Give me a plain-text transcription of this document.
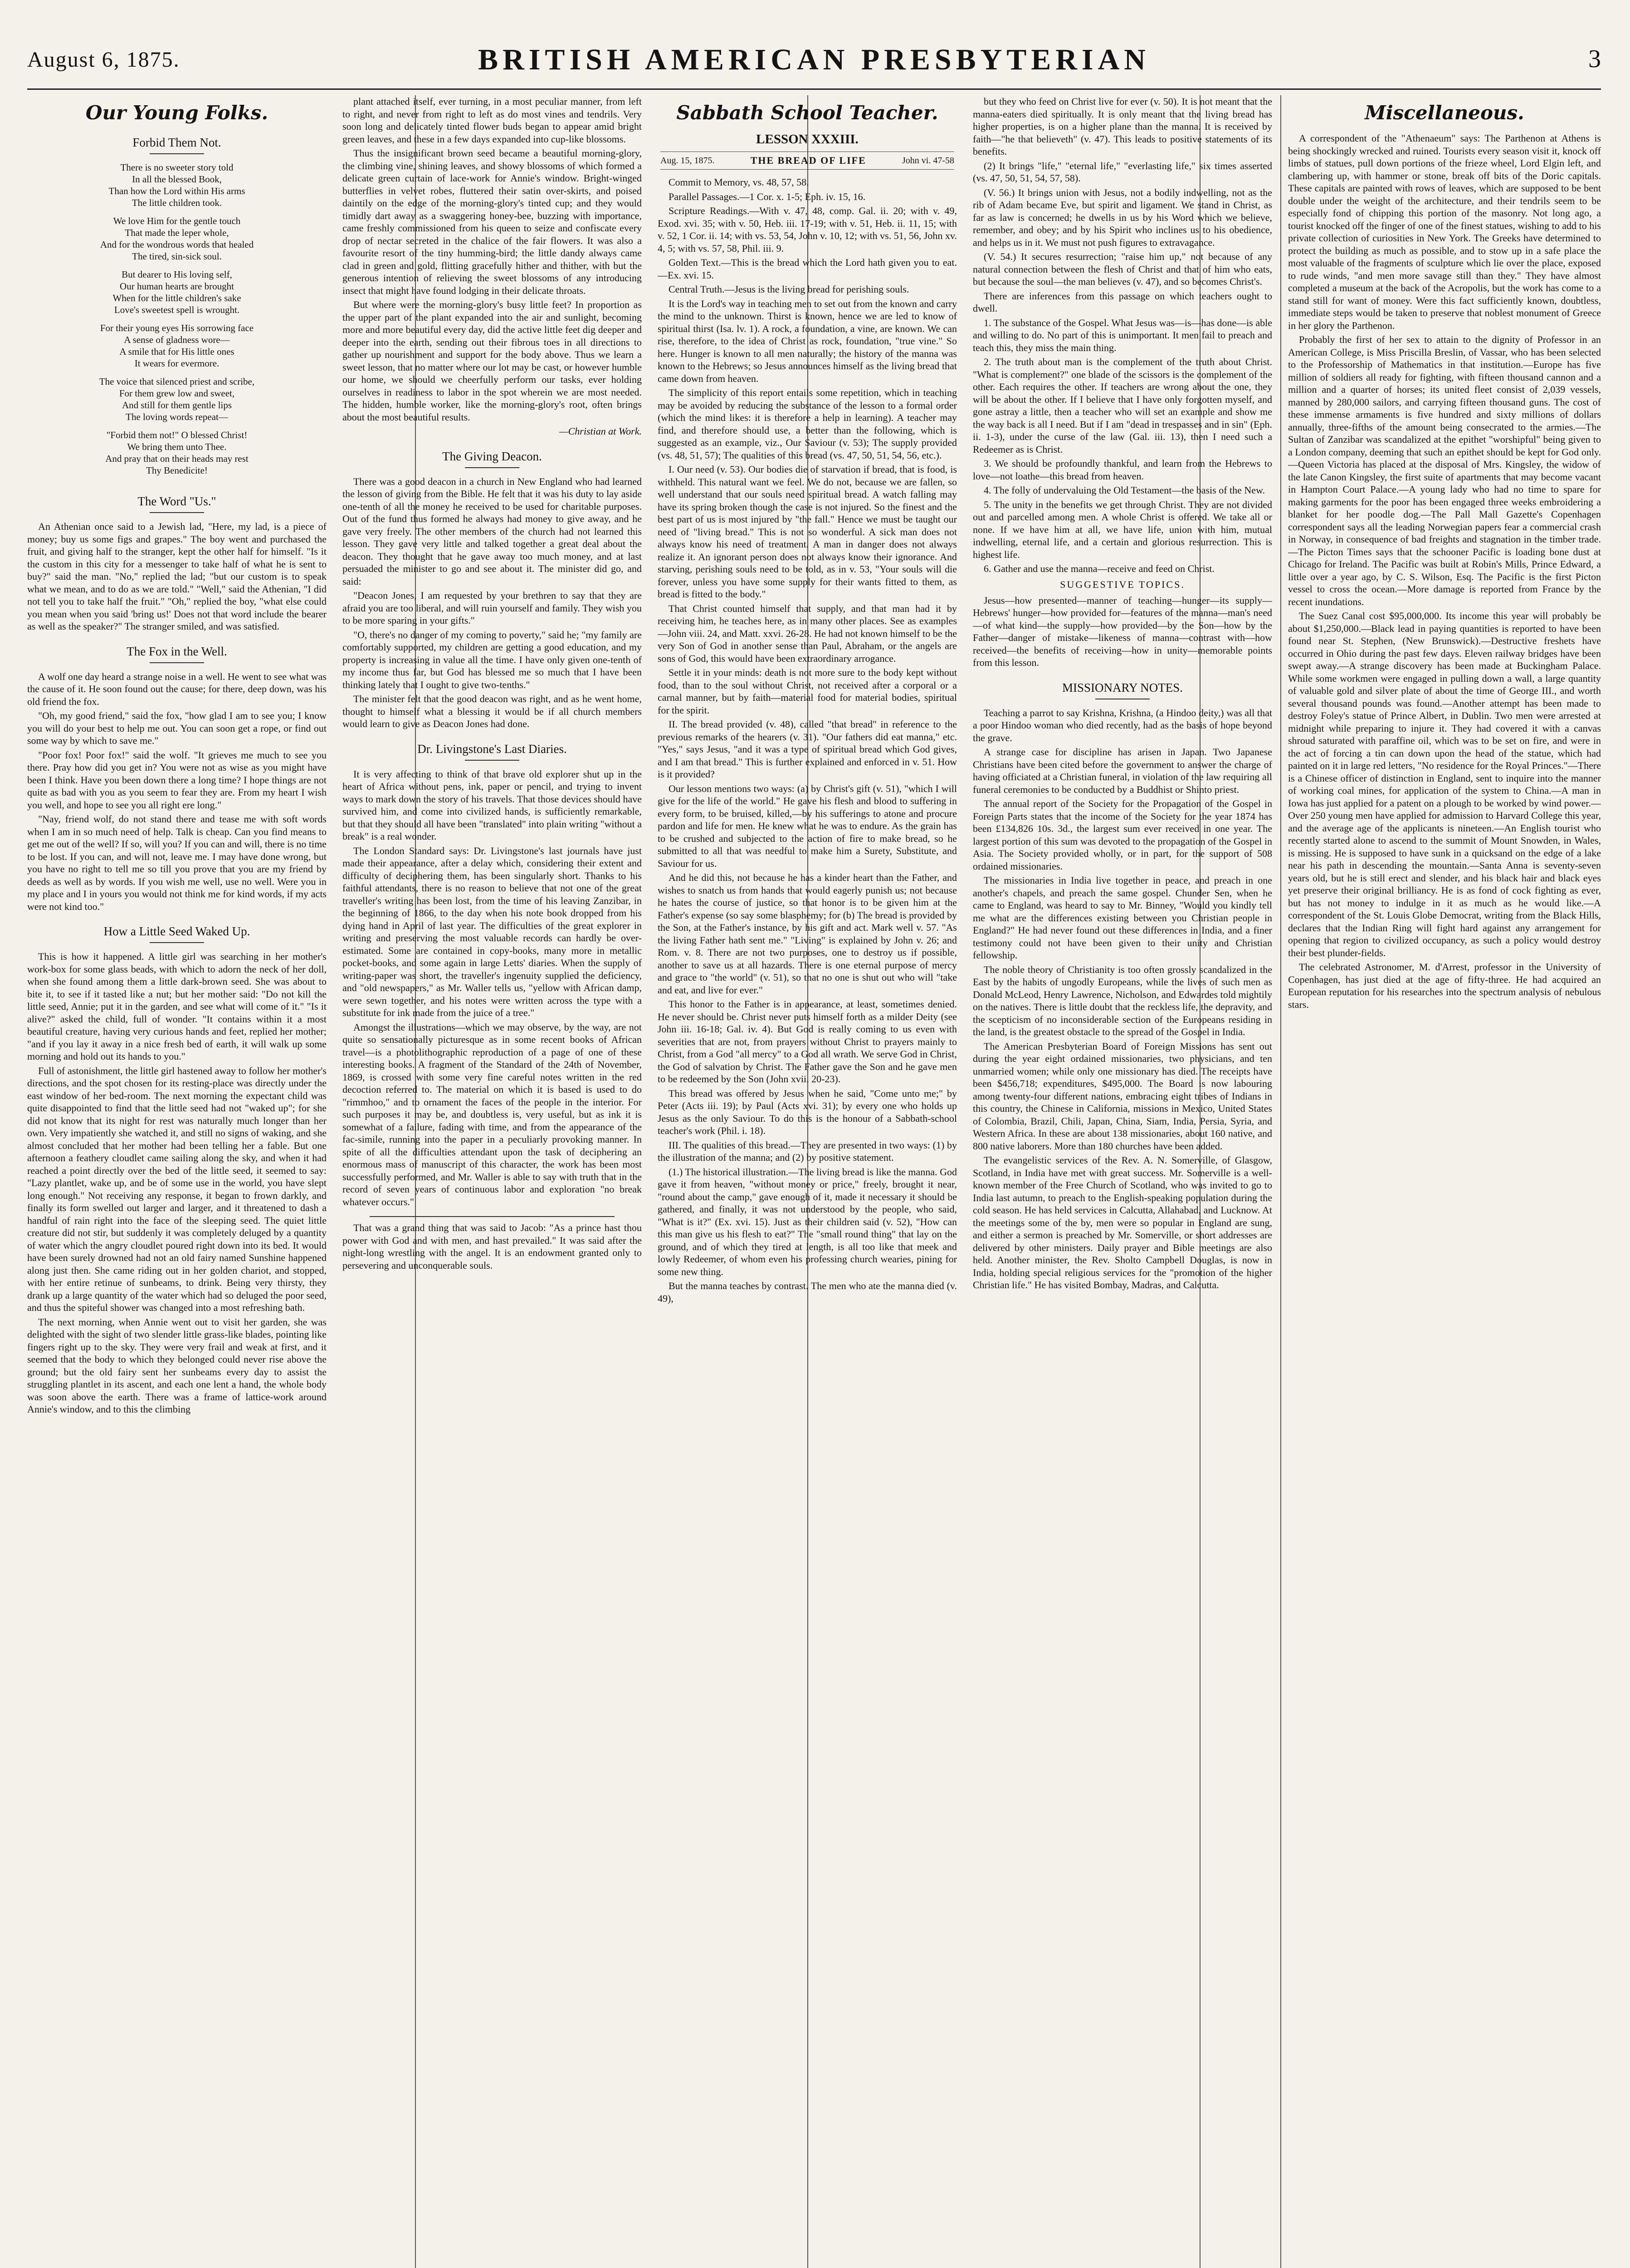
August 6, 1875.	BRITISH AMERICAN PRESBYTERIAN	3
Our Young Folks.
Forbid Them Not.
There is no sweeter story told
In all the blessed Book,
Than how the Lord within His arms
The little children took.
We love Him for the gentle touch
That made the leper whole,
And for the wondrous words that healed
The tired, sin-sick soul.
But dearer to His loving self,
Our human hearts are brought
When for the little children's sake
Love's sweetest spell is wrought.
For their young eyes His sorrowing face
A sense of gladness wore—
A smile that for His little ones
It wears for evermore.
The voice that silenced priest and scribe,
For them grew low and sweet,
And still for them gentle lips
The loving words repeat—
"Forbid them not!" O blessed Christ!
We bring them unto Thee.
And pray that on their heads may rest
Thy Benedicite!
The Word "Us."

An Athenian once said to a Jewish lad, "Here, my lad, is a piece of money; buy us some figs and grapes." The boy went and purchased the fruit, and giving half to the stranger, kept the other half for himself. "Is it the custom in this city for a messenger to take half of what he is sent to buy?" said the man. "No," replied the lad; "but our custom is to speak what we mean, and to do as we are told." "Well," said the Athenian, "I did not tell you to take half the fruit." "Oh," replied the boy, "what else could you mean when you said 'bring us!' Does not that word include the bearer as well as the speaker?" The stranger smiled, and was satisfied.

The Fox in the Well.

A wolf one day heard a strange noise in a well. He went to see what was the cause of it. He soon found out the cause; for there, deep down, was his old friend the fox.

"Oh, my good friend," said the fox, "how glad I am to see you; I know you will do your best to help me out. You can soon get a rope, or find out some way by which to save me."

"Poor fox! Poor fox!" said the wolf. "It grieves me much to see you there. Pray how did you get in? You were not as wise as you might have been I think. Have you been down there a long time? I hope things are not quite as bad with you as you seem to fear they are. From my heart I wish you well, and hope to see you all right ere long."

"Nay, friend wolf, do not stand there and tease me with soft words when I am in so much need of help. Talk is cheap. Can you find means to get me out of the well? If so, will you? If you can and will, there is no time to be lost. If you can, and will not, leave me. I may have done wrong, but you have no right to tell me so till you prove that you are my friend by deeds as well as by words. If you wish me well, use no well. Were you in my place and I in yours you would not think me for kind words, if my acts were not kind too."

How a Little Seed Waked Up.

This is how it happened. A little girl was searching in her mother's work-box for some glass beads, with which to adorn the neck of her doll, when she found among them a little dark-brown seed. She was about to bite it, to see if it tasted like a nut; but her mother said: "Do not kill the little seed, Annie; put it in the garden, and see what will come of it." "Is it alive?" asked the child, full of wonder. "It contains within it a most beautiful creature, having very curious hands and feet, replied her mother; "and if you lay it away in a nice fresh bed of earth, it will walk up some morning and hold out its hands to you."

Full of astonishment, the little girl hastened away to follow her mother's directions, and the spot chosen for its resting-place was directly under the east window of her bed-room. The next morning the expectant child was quite disappointed to find that the little seed had not "waked up"; for she did not know that its night for rest was naturally much longer than her own. Very impatiently she watched it, and still no signs of waking, and she almost concluded that her mother had been telling her a fable. But one afternoon a feathery cloudlet came sailing along the sky, and when it had reached a point directly over the bed of the little seed, it seemed to say: "Lazy plantlet, wake up, and be of some use in the world, you have slept long enough." Not receiving any response, it began to frown darkly, and finally its form swelled out larger and larger, and it threatened to dash a handful of rain right into the face of the sleeping seed. The quiet little creature did not stir, but suddenly it was completely deluged by a quantity of water which the angry cloudlet poured right down into its bed. It would have been surely drowned had not an old fairy named Sunshine happened along just then. She came riding out in her golden chariot, and stopped, with her entire retinue of sunbeams, to drink. Being very thirsty, they drank up a large quantity of the water which had so deluged the poor seed, and thus the spiteful shower was changed into a most refreshing bath.

The next morning, when Annie went out to visit her garden, she was delighted with the sight of two slender little grass-like blades, pointing like fingers right up to the sky. They were very frail and weak at first, and it seemed that the body to which they belonged could never rise above the ground; but the old fairy sent her sunbeams every day to assist the struggling plantlet in its ascent, and each one lent a hand, the whole body was soon above the earth. There was a frame of lattice-work around Annie's window, and to this the climbing

plant attached itself, ever turning, in a most peculiar manner, from left to right, and never from right to left as do most vines and tendrils. Very soon long and delicately tinted flower buds began to appear amid bright green leaves, and these in a few days expanded into cup-like blossoms.

Thus the insignificant brown seed became a beautiful morning-glory, the climbing vine, shining leaves, and showy blossoms of which formed a delicate green curtain of lace-work for Annie's window. Bright-winged butterflies in velvet robes, fluttered their satin over-skirts, and poised daintily on the edge of the morning-glory's tinted cup; and they would timidly dart away as a swaggering honey-bee, buzzing with importance, came freshly commissioned from his queen to seize and confiscate every drop of nectar secreted in the chalice of the fair flowers. It was also a favourite resort of the tiny humming-bird; the little dandy always came clad in green and gold, flitting gracefully hither and thither, with but the generous intention of relieving the sweet blossoms of any introducing insect that might have found lodging in their delicate throats.

But where were the morning-glory's busy little feet? In proportion as the upper part of the plant expanded into the air and sunlight, becoming more and more beautiful every day, did the active little feet dig deeper and deeper into the earth, sending out their fibrous toes in all directions to gather up nourishment and support for the body above. Thus we learn a sweet lesson, that no matter where our lot may be cast, or however humble our home, we should we cheerfully perform our tasks, ever holding ourselves in readiness to labor in the spot wherein we are most needed. The hidden, humble worker, like the morning-glory's root, often brings about the most beautiful results.

—Christian at Work.

The Giving Deacon.

There was a good deacon in a church in New England who had learned the lesson of giving from the Bible. He felt that it was his duty to lay aside one-tenth of all the money he received to be used for charitable purposes. Out of the fund thus formed he always had money to give away, and he gave very freely. The other members of the church had not learned this lesson. They gave very little and talked together a great deal about the deacon. They thought that he gave away too much money, and at last persuaded the minister to go and see about it. The minister did go, and said:

"Deacon Jones, I am requested by your brethren to say that they are afraid you are too liberal, and will ruin yourself and family. They wish you to be more sparing in your gifts."

"O, there's no danger of my coming to poverty," said he; "my family are comfortably supported, my children are getting a good education, and my property is increasing in value all the time. I have only given one-tenth of my income thus far, but God has blessed me so much that I have been thinking lately that I ought to give two-tenths."

The minister felt that the good deacon was right, and as he went home, thought to himself what a blessing it would be if all church members would learn to give as Deacon Jones had done.

Dr. Livingstone's Last Diaries.

It is very affecting to think of that brave old explorer shut up in the heart of Africa without pens, ink, paper or pencil, and trying to invent ways to mark down the story of his travels. That those devices should have survived him, and come into civilized hands, is sufficiently remarkable, but that they should all have been "translated" into plain writing "without a break" is a real wonder.

The London Standard says: Dr. Livingstone's last journals have just made their appearance, after a delay which, considering their extent and difficulty of deciphering them, has been singularly short. Thanks to his faithful attendants, there is no reason to believe that not one of the great traveller's writing has been lost, from the time of his leaving Zanzibar, in the beginning of 1866, to the day when his note book dropped from his dying hand in April of last year. The difficulties of the great explorer in writing and preserving the most valuable records can hardly be over-estimated. Some are contained in copy-books, many more in metallic pocket-books, and some again in large Letts' diaries. When the supply of writing-paper was short, the traveller's ingenuity supplied the deficiency, and "old newspapers," as Mr. Waller tells us, "yellow with African damp, were sewn together, and his notes were written across the type with a substitute for ink made from the juice of a tree."

Amongst the illustrations—which we may observe, by the way, are not quite so sensationally picturesque as in some recent books of African travel—is a photolithographic reproduction of a page of one of these interesting books. A fragment of the Standard of the 24th of November, 1869, is crossed with some very fine careful notes written in the red decoction referred to. The material on which it is based is used to do "rimmhoo," and to ornament the faces of the people in the interior. For such purposes it may be, and doubtless is, very useful, but as ink it is somewhat of a failure, fading with time, and from the appearance of the fac-simile, running into the paper in a peculiarly provoking manner. In spite of all the difficulties attendant upon the task of deciphering an enormous mass of manuscript of this character, the work has been most successfully performed, and Mr. Waller is able to say with truth that in the record of seven years of continuous labor and exploration "no break whatever occurs."

That was a grand thing that was said to Jacob: "As a prince hast thou power with God and with men, and hast prevailed." It was said after the night-long wrestling with the angel. It is an endowment granted only to persevering and unconquerable souls.

Sabbath School Teacher.
LESSON XXXIII.
Aug. 15, 1875.	THE BREAD OF LIFE	John vi. 47-58

Commit to Memory, vs. 48, 57, 58.

Parallel Passages.—1 Cor. x. 1-5; Eph. iv. 15, 16.

Scripture Readings.—With v. 47, 48, comp. Gal. ii. 20; with v. 49, Exod. xvi. 35; with v. 50, Heb. iii. 17-19; with v. 51, Heb. ii. 11, 15; with v. 52, 1 Cor. ii. 14; with vs. 53, 54, John v. 10, 12; with vs. 51, 56, John xv. 4, 5; with vs. 57, 58, Phil. iii. 9.

Golden Text.—This is the bread which the Lord hath given you to eat.—Ex. xvi. 15.

Central Truth.—Jesus is the living bread for perishing souls.

It is the Lord's way in teaching men to set out from the known and carry the mind to the unknown. Thirst is known, hence we are led to know of spiritual thirst (Isa. lv. 1). A rock, a foundation, a vine, are known. We can rise, therefore, to the idea of Christ as rock, foundation, "true vine." So here. Hunger is known to all men naturally; the history of the manna was known to the Hebrews; so Jesus announces himself as the living bread that came down from heaven.

The simplicity of this report entails some repetition, which in teaching may be avoided by reducing the substance of the lesson to a formal order (which the mind likes: it is therefore a help in learning). A teacher may find, and therefore should use, a better than the following, which is suggested as an example, viz., Our Saviour (v. 53); The supply provided (vs. 48, 51, 57); The qualities of this bread (vs. 47, 50, 51, 54, 56, etc.).

I. Our need (v. 53). Our bodies die of starvation if bread, that is food, is withheld. This natural want we feel. We do not, because we are fallen, so well understand that our souls need spiritual bread. A watch falling may have its spring broken though the case is not injured. So the finest and the best part of us is most injured by "the fall." Hence we must be taught our need of "living bread." This is not so wonderful. A sick man does not always know his need of treatment. A man in danger does not always realize it. An ignorant person does not always know their ignorance. And starving, perishing souls need to be told, as in v. 53, "Your souls will die forever, unless you have some supply for their wants fitted to them, as bread is fitted to the body."

That Christ counted himself that supply, and that man had it by receiving him, he teaches here, as in many other places. See as examples—John viii. 24, and Matt. xxvi. 26-28. He had not known himself to be the very Son of God in another sense than Paul, Abraham, or the angels are sons of God, this would have been extraordinary arrogance.

Settle it in your minds: death is not more sure to the body kept without food, than to the soul without Christ, not received after a corporal or a carnal manner, but by faith—material food for material bodies, spiritual for the spirit.

II. The bread provided (v. 48), called "that bread" in reference to the previous remarks of the hearers (v. 31). "Our fathers did eat manna," etc. "Yes," says Jesus, "and it was a type of spiritual bread which God gives, and I am that bread." This is further explained and enforced in v. 51. How is it provided?

Our lesson mentions two ways: (a) by Christ's gift (v. 51), "which I will give for the life of the world." He gave his flesh and blood to suffering in every form, to be bruised, killed,—by his sufferings to atone and procure pardon and life for men. He knew what he was to endure. As the grain has to be crushed and subjected to the action of fire to make bread, so he submitted to all that was needful to make him a Surety, Substitute, and Saviour for us.

And he did this, not because he has a kinder heart than the Father, and wishes to snatch us from hands that would eagerly punish us; not because he hates the course of justice, so that honor is to be given him at the Father's expense (so say some blasphemy; for (b) The bread is provided by the Son, at the Father's instance, by his gift and act. Mark well v. 57. "As the living Father hath sent me." "Living" is explained by John v. 26; and Rom. v. 8. There are not two purposes, one to destroy us if possible, another to save us at all hazards. There is one eternal purpose of mercy and grace to "the world" (v. 51), so that no one is shut out who will "take and eat, and live for ever."

This honor to the Father is in appearance, at least, sometimes denied. He never should be. Christ never puts himself forth as a milder Deity (see John iii. 16-18; Gal. iv. 4). But God is really coming to us even with severities that are not, from prayers without Christ to prayers mainly to Christ, from a God "all mercy" to a God all wrath. We serve God in Christ, the God of salvation by Christ. The Father gave the Son and he gave men to be redeemed by the Son (John xvii. 20-23).

This bread was offered by Jesus when he said, "Come unto me;" by Peter (Acts iii. 19); by Paul (Acts xvi. 31); by every one who holds up Jesus as the only Saviour. To do this is the honour of a Sabbath-school teacher's work (Phil. i. 18).

III. The qualities of this bread.—They are presented in two ways: (1) by the illustration of the manna; and (2) by positive statement.

(1.) The historical illustration.—The living bread is like the manna. God gave it from heaven, "without money or price," freely, brought it near, "round about the camp," gave enough of it, made it necessary it should be gathered, and finally, it was not understood by the people, who said, "What is it?" (Ex. xvi. 15). Just as their children said (v. 52), "How can this man give us his flesh to eat?" The "small round thing" that lay on the ground, and of which they tired at length, is all too like that meek and lowly Redeemer, of whom even his professing church wearies, pining for some new thing.

But the manna teaches by contrast. The men who ate the manna died (v. 49),

but they who feed on Christ live for ever (v. 50). It is not meant that the manna-eaters died spiritually. It is only meant that the living bread has higher properties, is on a higher plane than the manna. It is received by faith—"he that believeth" (v. 47). This leads to positive statements of its benefits.

(2) It brings "life," "eternal life," "everlasting life," six times asserted (vs. 47, 50, 51, 54, 57, 58).

(V. 56.) It brings union with Jesus, not a bodily indwelling, not as the rib of Adam became Eve, but spirit and ligament. We stand in Christ, as far as law is concerned; he dwells in us by his Word which we believe, remember, and obey; and by his Spirit who inclines us to his obedience, and helps us in it. We must not push figures to extravagance.

(V. 54.) It secures resurrection; "raise him up," not because of any natural connection between the flesh of Christ and that of him who eats, but because the soul—the man believes (v. 47), and so becomes Christ's.

There are inferences from this passage on which teachers ought to dwell.

1. The substance of the Gospel. What Jesus was—is—has done—is able and willing to do. No part of this is unimportant. It men fail to preach and teach this, they miss the main thing.

2. The truth about man is the complement of the truth about Christ. "What is complement?" one blade of the scissors is the complement of the other. Each requires the other. If teachers are wrong about the one, they will be about the other. If I believe that I have only forgotten myself, and gone astray a little, then a teacher who will set an example and show me the way back is all I need. But if I am "dead in trespasses and in sin" (Eph. ii. 1-3), under the curse of the law (Gal. iii. 13), then I need such a Redeemer as is Christ.

3. We should be profoundly thankful, and learn from the Hebrews to love—not loathe—this bread from heaven.

4. The folly of undervaluing the Old Testament—the basis of the New.

5. The unity in the benefits we get through Christ. They are not divided out and parcelled among men. A whole Christ is offered. We take all or none. If we have him at all, we have life, union with him, mutual indwelling, eternal life, and a certain and glorious resurrection. This is highest life.

6. Gather and use the manna—receive and feed on Christ.

SUGGESTIVE TOPICS.

Jesus—how presented—manner of teaching—hunger—its supply—Hebrews' hunger—how provided for—features of the manna—man's need—of what kind—the supply—how provided—by the Son—how by the Father—danger of mistake—likeness of manna—contrast with—how received—the benefits of receiving—how in unity—memorable points from this lesson.

MISSIONARY NOTES.

Teaching a parrot to say Krishna, Krishna, (a Hindoo deity,) was all that a poor Hindoo woman who died recently, had as the basis of hope beyond the grave.

A strange case for discipline has arisen in Japan. Two Japanese Christians have been cited before the government to answer the charge of having officiated at a Christian funeral, in violation of the law requiring all funeral ceremonies to be conducted by a Buddhist or Shinto priest.

The annual report of the Society for the Propagation of the Gospel in Foreign Parts states that the income of the Society for the year 1874 has been £134,826 10s. 3d., the largest sum ever received in one year. The largest portion of this sum was devoted to the propagation of the Gospel in Asia. The Society provided wholly, or in part, for the support of 508 ordained missionaries.

The missionaries in India live together in peace, and preach in one another's chapels, and preach the same gospel. Chunder Sen, when he came to England, was heard to say to Mr. Binney, "Would you kindly tell me what are the differences existing between you Christian people in England?" He had never found out these differences in India, and a finer testimony could not have been given to their unity and Christian fellowship.

The noble theory of Christianity is too often grossly scandalized in the East by the habits of ungodly Europeans, while the lives of such men as Donald McLeod, Henry Lawrence, Nicholson, and Edwardes told mightily on the natives. There is little doubt that the reckless life, the depravity, and the scepticism of no inconsiderable section of the Europeans residing in the land, is the greatest obstacle to the spread of the Gospel in India.

The American Presbyterian Board of Foreign Missions has sent out during the year eight ordained missionaries, two physicians, and ten unmarried women; while only one missionary has died. The receipts have been $456,718; expenditures, $495,000. The Board is now labouring among twenty-four different nations, embracing eight tribes of Indians in this country, the Chinese in California, missions in Mexico, United States of Colombia, Brazil, Chili, Japan, China, Siam, India, Persia, Syria, and Western Africa. In these are about 138 missionaries, about 160 native, and 800 native laborers. More than 180 churches have been added.

The evangelistic services of the Rev. A. N. Somerville, of Glasgow, Scotland, in India have met with great success. Mr. Somerville is a well-known member of the Free Church of Scotland, who was invited to go to India last autumn, to preach to the English-speaking population during the cold season. He has held services in Calcutta, Allahabad, and Lucknow. At the meetings some of the by, men were so popular in England are sung, and either a sermon is preached by Mr. Somerville, or short addresses are delivered by other ministers. Daily prayer and Bible meetings are also held. Another minister, the Rev. Sholto Campbell Douglas, is now in India, holding special religious services for the "promotion of the higher Christian life." He has visited Bombay, Madras, and Calcutta.

Miscellaneous.

A correspondent of the "Athenaeum" says: The Parthenon at Athens is being shockingly wrecked and ruined. Tourists every season visit it, knock off limbs of statues, pull down portions of the frieze wheel, Lord Elgin left, and clambering up, with hammer or stone, break off bits of the Doric capitals. These capitals are painted with rows of leaves, which are supposed to be bent double under the weight of the architecture, and their tendrils seem to be especially fond of chipping this portion of the masonry. Not long ago, a tourist knocked off the finger of one of the finest statues, wishing to add to his private collection of curiosities in New York. The Greeks have determined to protect the building as much as possible, and to stow up in a safe place the most valuable of the fragments of sculpture which lie over the place, exposed to rude winds, "and men more savage still than they." They have almost completed a museum at the back of the Acropolis, but the work has come to a stand still for want of money. Were this fact sufficiently known, doubtless, immediate steps would be taken to preserve that noblest monument of Greece in her glory the Parthenon.

Probably the first of her sex to attain to the dignity of Professor in an American College, is Miss Priscilla Breslin, of Vassar, who has been selected to the Professorship of Mathematics in that institution.—Europe has five million of soldiers all ready for fighting, with fifteen thousand cannon and a million and a quarter of horses; its united fleet consist of 2,039 vessels, manned by 280,000 sailors, and carrying fifteen thousand guns. The cost of these immense armaments is five hundred and sixty millions of dollars annually, three-fifths of the amount being consecrated to the armies.—The Sultan of Zanzibar was scandalized at the epithet "worshipful" being given to a London company, deeming that such an epithet should be kept for God only.—Queen Victoria has placed at the disposal of Mrs. Kingsley, the widow of the late Canon Kingsley, the first suite of apartments that may become vacant in Hampton Court Palace.—A young lady who had no time to spare for making garments for the poor has been engaged three weeks embroidering a blanket for her poodle dog.—The Pall Mall Gazette's Copenhagen correspondent says all the leading Norwegian papers fear a commercial crash in Norway, in consequence of bad freights and stagnation in the timber trade.—The Picton Times says that the schooner Pacific is loading bone dust at Chicago for Ireland. The Pacific was built at Robin's Mills, Prince Edward, a little over a year ago, by C. S. Wilson, Esq. The Pacific is the first Picton vessel to cross the ocean.—More damage is reported from France by the recent inundations.

The Suez Canal cost $95,000,000. Its income this year will probably be about $1,250,000.—Black lead in paying quantities is reported to have been found near St. Stephen, (New Brunswick).—Destructive freshets have occurred in Ohio during the past few days. Eleven railway bridges have been swept away.—A strange discovery has been made at Buckingham Palace. While some workmen were engaged in pulling down a wall, a large quantity of valuable gold and silver plate of about the time of George III., and worth several thousand pounds was found.—Another attempt has been made to destroy Foley's statue of Prince Albert, in Dublin. Two men were arrested at midnight while preparing to injure it. They had covered it with a canvas shroud saturated with paraffine oil, which was to be set on fire, and were in the act of forcing a tin can down upon the head of the statue, which had painted on it in large red letters, "No residence for the Royal Princes."—There is a Chinese officer of distinction in England, sent to inquire into the manner of working coal mines, for application of the system to China.—A man in Iowa has just applied for a patent on a plough to be worked by wind power.—Over 250 young men have applied for admission to Harvard College this year, and the average age of the applicants is nineteen.—An English tourist who recently started alone to ascend to the summit of Mount Snowden, in Wales, is missing. He is supposed to have sunk in a quicksand on the edge of a lake near his path in descending the mountain.—Santa Anna is seventy-seven years old, but he is still erect and slender, and his black hair and black eyes yet preserve their original brilliancy. He is as fond of cock fighting as ever, but has not money to indulge in it as much as he would like.—A correspondent of the St. Louis Globe Democrat, writing from the Black Hills, declares that the Indian Ring will fight hard against any arrangement for opening that region to civilized occupancy, as such a policy would destroy their best plunder-fields.

The celebrated Astronomer, M. d'Arrest, professor in the University of Copenhagen, has just died at the age of fifty-three. He had acquired an European reputation for his researches into the spectrum analysis of nebulous stars.
